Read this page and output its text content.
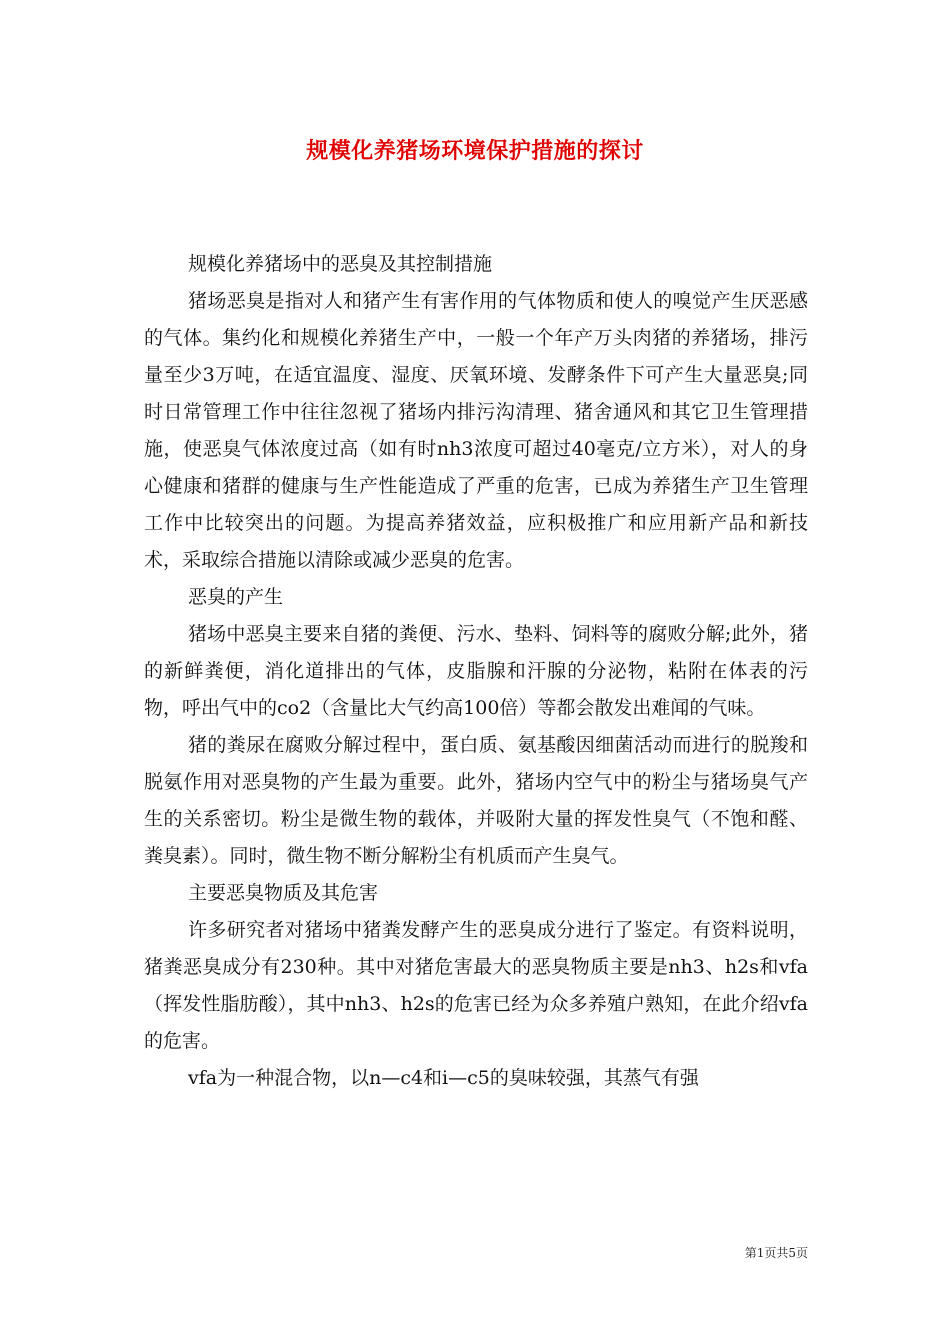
规模化养猪场环境保护措施的探讨

规模化养猪场中的恶臭及其控制措施

猪场恶臭是指对人和猪产生有害作用的气体物质和使人的嗅觉产生厌恶感的气体。集约化和规模化养猪生产中，一般一个年产万头肉猪的养猪场，排污量至少3万吨，在适宜温度、湿度、厌氧环境、发酵条件下可产生大量恶臭;同时日常管理工作中往往忽视了猪场内排污沟清理、猪舍通风和其它卫生管理措施，使恶臭气体浓度过高（如有时nh3浓度可超过40毫克/立方米），对人的身心健康和猪群的健康与生产性能造成了严重的危害，已成为养猪生产卫生管理工作中比较突出的问题。为提高养猪效益，应积极推广和应用新产品和新技术，采取综合措施以清除或减少恶臭的危害。

恶臭的产生

猪场中恶臭主要来自猪的粪便、污水、垫料、饲料等的腐败分解;此外，猪的新鲜粪便，消化道排出的气体，皮脂腺和汗腺的分泌物，粘附在体表的污物，呼出气中的co2（含量比大气约高100倍）等都会散发出难闻的气味。

猪的粪尿在腐败分解过程中，蛋白质、氨基酸因细菌活动而进行的脱羧和脱氨作用对恶臭物的产生最为重要。此外，猪场内空气中的粉尘与猪场臭气产生的关系密切。粉尘是微生物的载体，并吸附大量的挥发性臭气（不饱和醛、粪臭素）。同时，微生物不断分解粉尘有机质而产生臭气。

主要恶臭物质及其危害

许多研究者对猪场中猪粪发酵产生的恶臭成分进行了鉴定。有资料说明，猪粪恶臭成分有230种。其中对猪危害最大的恶臭物质主要是nh3、h2s和vfa（挥发性脂肪酸），其中nh3、h2s的危害已经为众多养殖户熟知，在此介绍vfa的危害。

vfa为一种混合物，以n—c4和i—c5的臭味较强，其蒸气有强

第1页共5页
